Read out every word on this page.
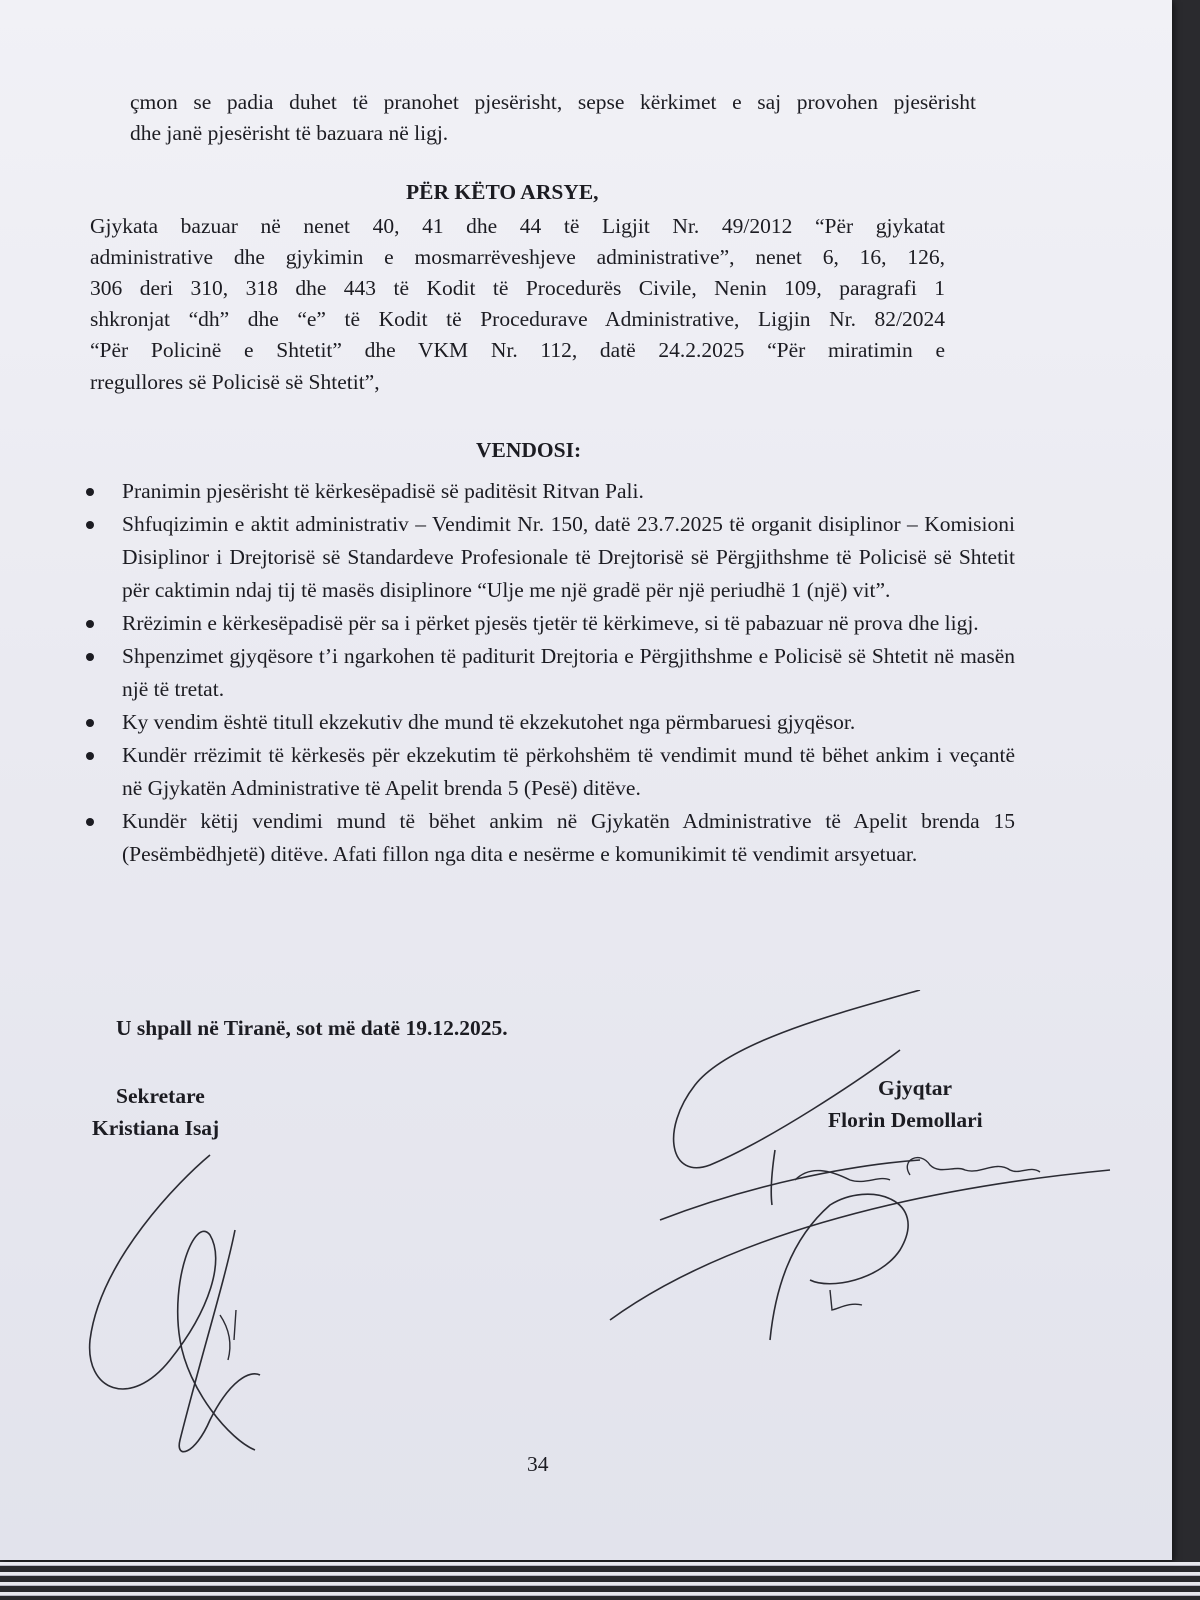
çmon se padia duhet të pranohet pjesërisht, sepse kërkimet e saj provohen pjesërisht
dhe janë pjesërisht të bazuara në ligj.
PËR KËTO ARSYE,
Gjykata bazuar në nenet 40, 41 dhe 44 të Ligjit Nr. 49/2012 “Për gjykatat
administrative dhe gjykimin e mosmarrëveshjeve administrative”, nenet 6, 16, 126,
306 deri 310, 318 dhe 443 të Kodit të Procedurës Civile, Nenin 109, paragrafi 1
shkronjat “dh” dhe “e” të Kodit të Procedurave Administrative, Ligjin Nr. 82/2024
“Për Policinë e Shtetit” dhe VKM Nr. 112, datë 24.2.2025 “Për miratimin e
rregullores së Policisë së Shtetit”,
VENDOSI:
Pranimin pjesërisht të kërkesëpadisë së paditësit Ritvan Pali.
Shfuqizimin e aktit administrativ – Vendimit Nr. 150, datë 23.7.2025 të organit disiplinor – Komisioni Disiplinor i Drejtorisë së Standardeve Profesionale të Drejtorisë së Përgjithshme të Policisë së Shtetit për caktimin ndaj tij të masës disiplinore “Ulje me një gradë për një periudhë 1 (një) vit”.
Rrëzimin e kërkesëpadisë për sa i përket pjesës tjetër të kërkimeve, si të pabazuar në prova dhe ligj.
Shpenzimet gjyqësore t’i ngarkohen të paditurit Drejtoria e Përgjithshme e Policisë së Shtetit në masën një të tretat.
Ky vendim është titull ekzekutiv dhe mund të ekzekutohet nga përmbaruesi gjyqësor.
Kundër rrëzimit të kërkesës për ekzekutim të përkohshëm të vendimit mund të bëhet ankim i veçantë në Gjykatën Administrative të Apelit brenda 5 (Pesë) ditëve.
Kundër këtij vendimi mund të bëhet ankim në Gjykatën Administrative të Apelit brenda 15 (Pesëmbëdhjetë) ditëve. Afati fillon nga dita e nesërme e komunikimit të vendimit arsyetuar.
U shpall në Tiranë, sot më datë 19.12.2025.
Sekretare
Kristiana Isaj
Gjyqtar
Florin Demollari
34
